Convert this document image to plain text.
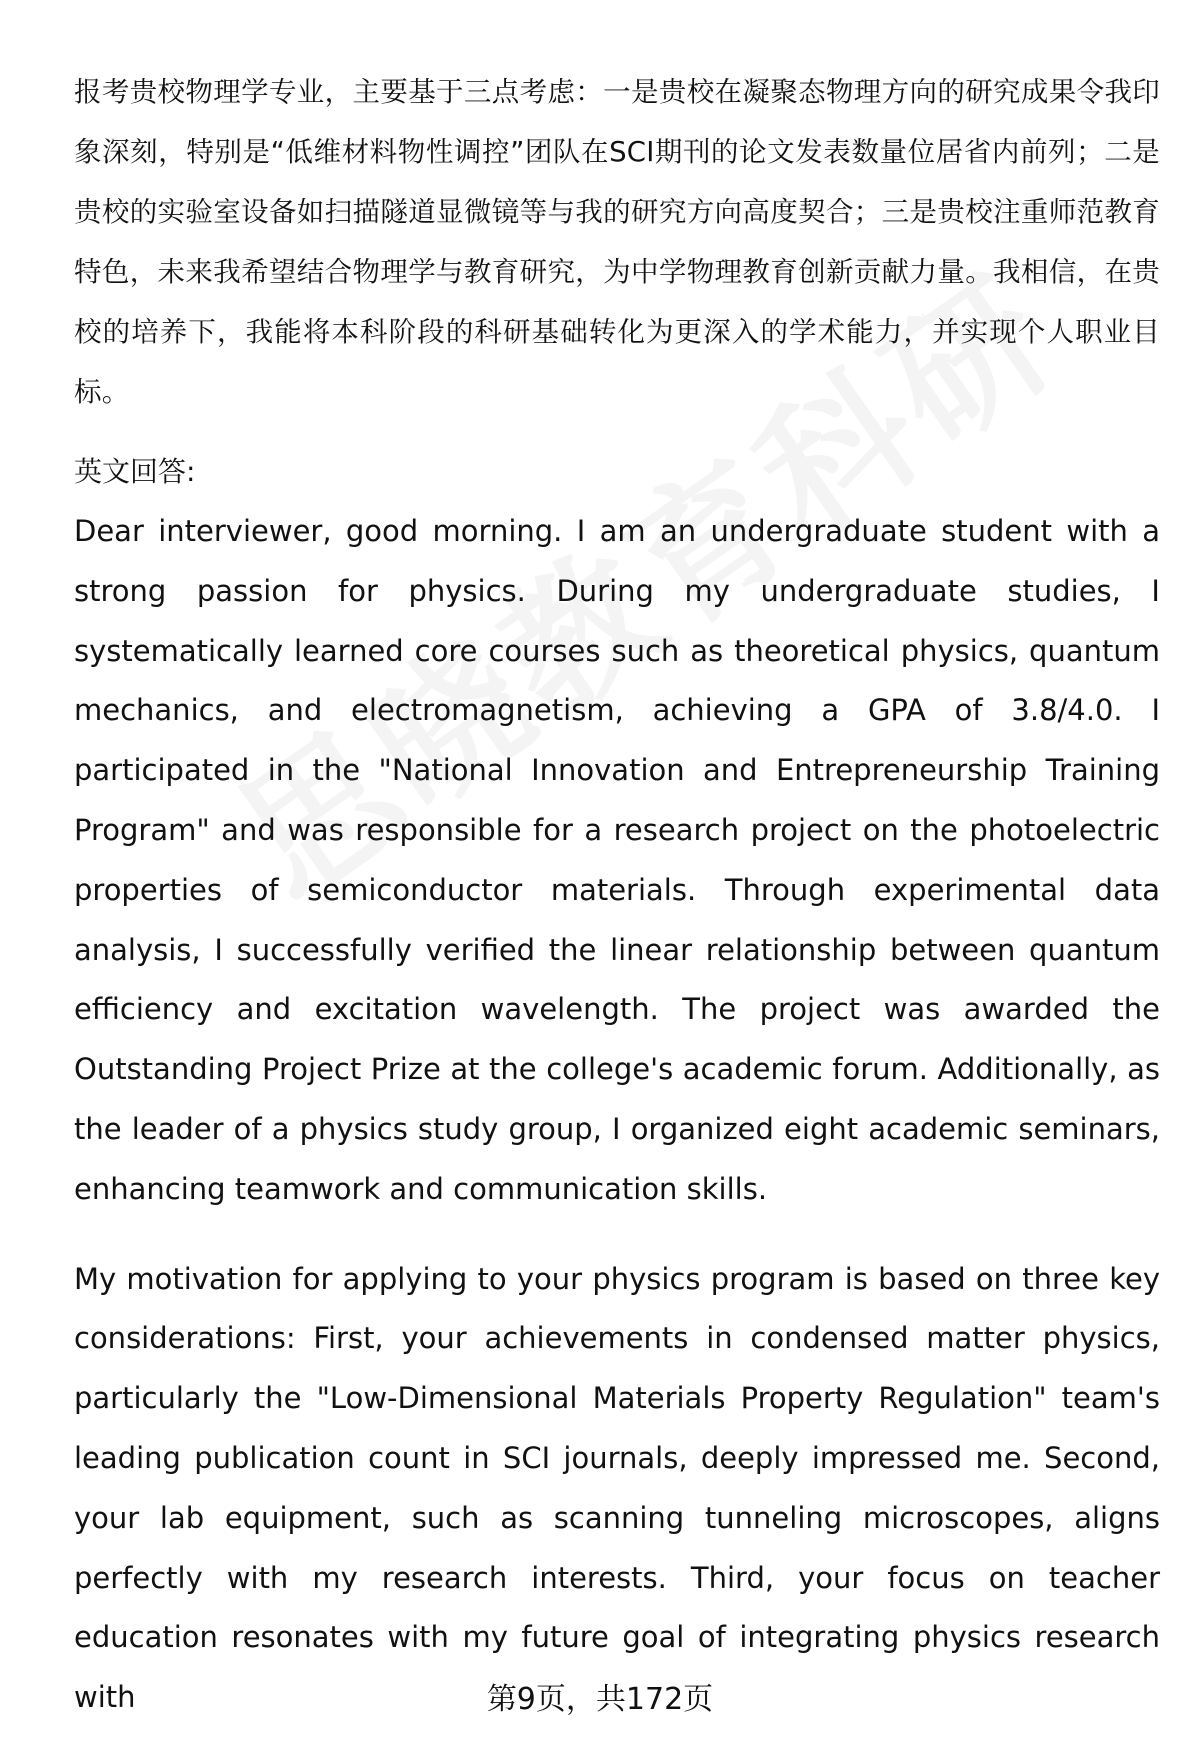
报考贵校物理学专业，主要基于三点考虑：一是贵校在凝聚态物理方向的研究成果令我印象深刻，特别是“低维材料物性调控”团队在SCI期刊的论文发表数量位居省内前列；二是贵校的实验室设备如扫描隧道显微镜等与我的研究方向高度契合；三是贵校注重师范教育特色，未来我希望结合物理学与教育研究，为中学物理教育创新贡献力量。我相信，在贵校的培养下，我能将本科阶段的科研基础转化为更深入的学术能力，并实现个人职业目标。

英文回答:

Dear interviewer, good morning. I am an undergraduate student with a strong passion for physics. During my undergraduate studies, I systematically learned core courses such as theoretical physics, quantum mechanics, and electromagnetism, achieving a GPA of 3.8/4.0. I participated in the "National Innovation and Entrepreneurship Training Program" and was responsible for a research project on the photoelectric properties of semiconductor materials. Through experimental data analysis, I successfully verified the linear relationship between quantum efficiency and excitation wavelength. The project was awarded the Outstanding Project Prize at the college's academic forum. Additionally, as the leader of a physics study group, I organized eight academic seminars, enhancing teamwork and communication skills.

My motivation for applying to your physics program is based on three key considerations: First, your achievements in condensed matter physics, particularly the "Low-Dimensional Materials Property Regulation" team's leading publication count in SCI journals, deeply impressed me. Second, your lab equipment, such as scanning tunneling microscopes, aligns perfectly with my research interests. Third, your focus on teacher education resonates with my future goal of integrating physics research with	第9页，共172页
